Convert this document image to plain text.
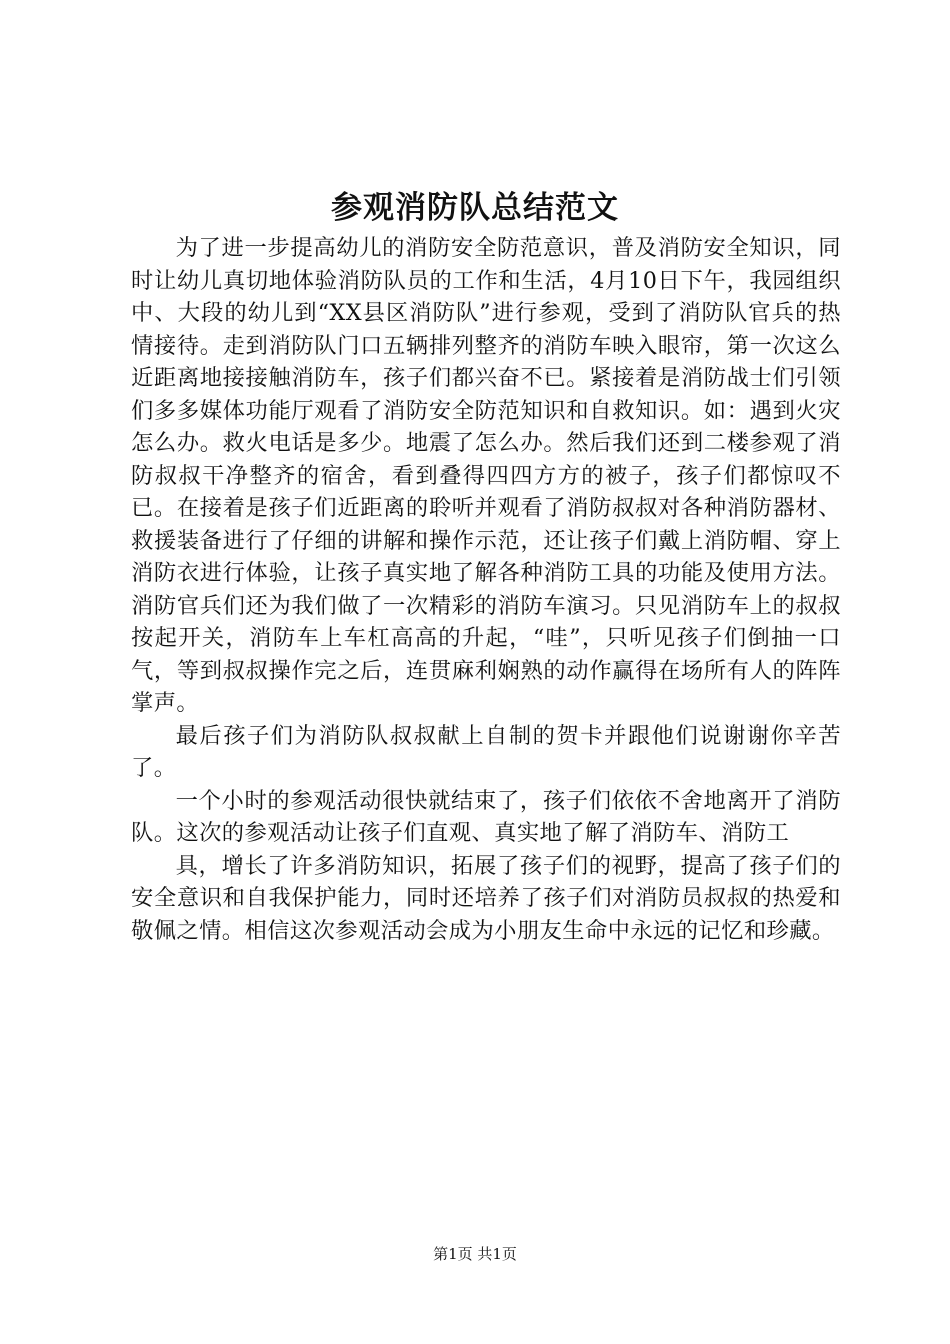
参观消防队总结范文

为了进一步提高幼儿的消防安全防范意识，普及消防安全知识，同时让幼儿真切地体验消防队员的工作和生活，4月10日下午，我园组织中、大段的幼儿到“XX县区消防队”进行参观，受到了消防队官兵的热情接待。走到消防队门口五辆排列整齐的消防车映入眼帘，第一次这么近距离地接接触消防车，孩子们都兴奋不已。紧接着是消防战士们引领们多多媒体功能厅观看了消防安全防范知识和自救知识。如：遇到火灾怎么办。救火电话是多少。地震了怎么办。然后我们还到二楼参观了消防叔叔干净整齐的宿舍，看到叠得四四方方的被子，孩子们都惊叹不已。在接着是孩子们近距离的聆听并观看了消防叔叔对各种消防器材、救援装备进行了仔细的讲解和操作示范，还让孩子们戴上消防帽、穿上消防衣进行体验，让孩子真实地了解各种消防工具的功能及使用方法。消防官兵们还为我们做了一次精彩的消防车演习。只见消防车上的叔叔按起开关，消防车上车杠高高的升起，“哇”，只听见孩子们倒抽一口气，等到叔叔操作完之后，连贯麻利娴熟的动作赢得在场所有人的阵阵掌声。

最后孩子们为消防队叔叔献上自制的贺卡并跟他们说谢谢你辛苦了。

一个小时的参观活动很快就结束了，孩子们依依不舍地离开了消防队。这次的参观活动让孩子们直观、真实地了解了消防车、消防工

具，增长了许多消防知识，拓展了孩子们的视野，提高了孩子们的安全意识和自我保护能力，同时还培养了孩子们对消防员叔叔的热爱和敬佩之情。相信这次参观活动会成为小朋友生命中永远的记忆和珍藏。

第1页 共1页
